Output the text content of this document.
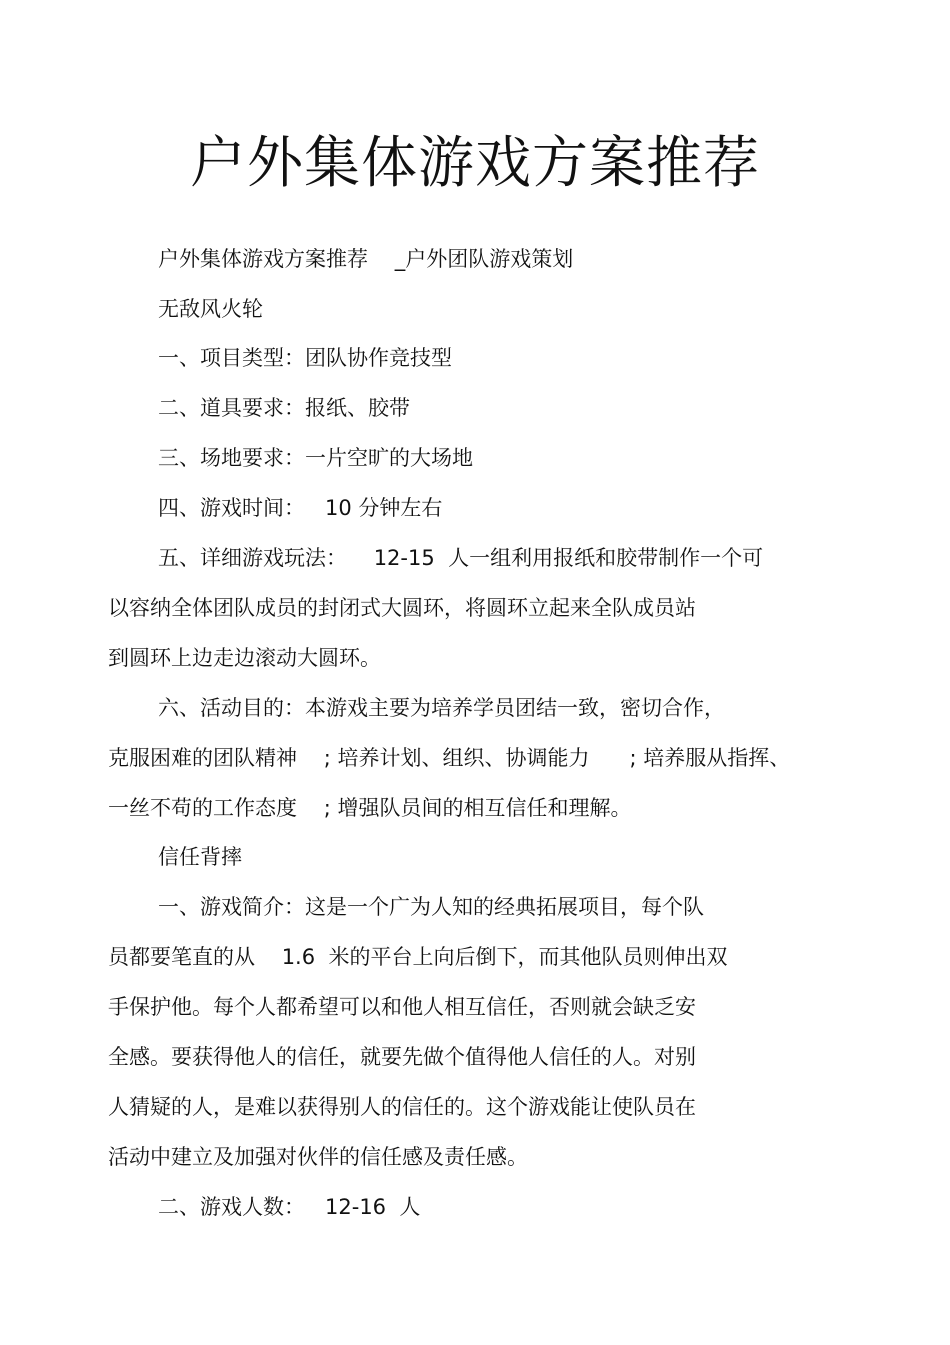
户外集体游戏方案推荐

户外集体游戏方案推荐    _户外团队游戏策划

无敌风火轮

一、项目类型：团队协作竞技型

二、道具要求：报纸、胶带

三、场地要求：一片空旷的大场地

四、游戏时间：   10 分钟左右

五、详细游戏玩法：    12-15  人一组利用报纸和胶带制作一个可

以容纳全体团队成员的封闭式大圆环，将圆环立起来全队成员站

到圆环上边走边滚动大圆环。

六、活动目的：本游戏主要为培养学员团结一致，密切合作，

克服困难的团队精神    ; 培养计划、组织、协调能力      ; 培养服从指挥、

一丝不苟的工作态度    ; 增强队员间的相互信任和理解。

信任背摔

一、游戏简介：这是一个广为人知的经典拓展项目，每个队

员都要笔直的从    1.6  米的平台上向后倒下，而其他队员则伸出双

手保护他。每个人都希望可以和他人相互信任，否则就会缺乏安

全感。要获得他人的信任，就要先做个值得他人信任的人。对别

人猜疑的人，是难以获得别人的信任的。这个游戏能让使队员在

活动中建立及加强对伙伴的信任感及责任感。

二、游戏人数：   12-16  人
